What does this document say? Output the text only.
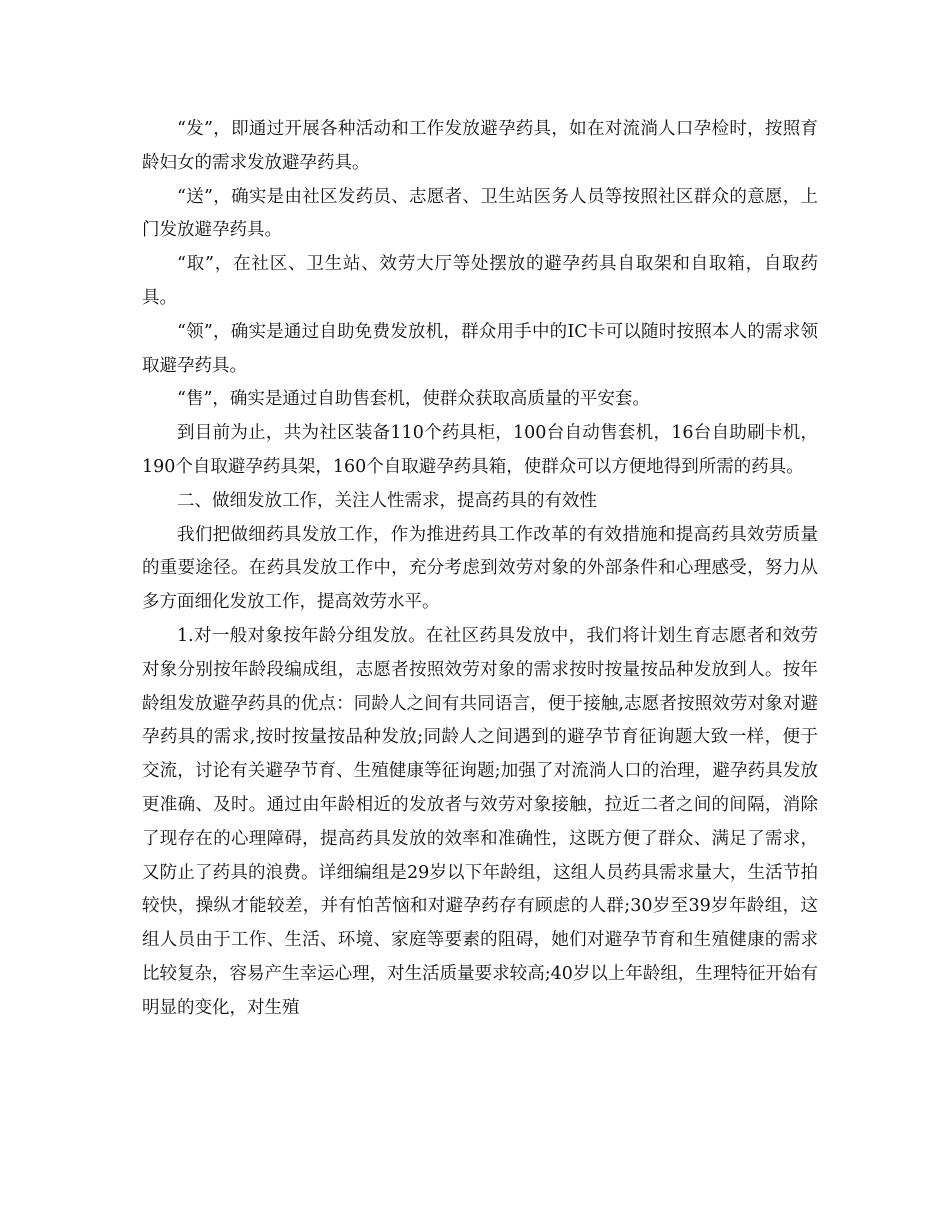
“发”，即通过开展各种活动和工作发放避孕药具，如在对流淌人口孕检时，按照育龄妇女的需求发放避孕药具。

“送”，确实是由社区发药员、志愿者、卫生站医务人员等按照社区群众的意愿，上门发放避孕药具。

“取”，在社区、卫生站、效劳大厅等处摆放的避孕药具自取架和自取箱，自取药具。

“领”，确实是通过自助免费发放机，群众用手中的IC卡可以随时按照本人的需求领取避孕药具。

“售”，确实是通过自助售套机，使群众获取高质量的平安套。

到目前为止，共为社区装备110个药具柜，100台自动售套机，16台自助刷卡机，190个自取避孕药具架，160个自取避孕药具箱，使群众可以方便地得到所需的药具。

二、做细发放工作，关注人性需求，提高药具的有效性

我们把做细药具发放工作，作为推进药具工作改革的有效措施和提高药具效劳质量的重要途径。在药具发放工作中，充分考虑到效劳对象的外部条件和心理感受，努力从多方面细化发放工作，提高效劳水平。

1.对一般对象按年龄分组发放。在社区药具发放中，我们将计划生育志愿者和效劳对象分别按年龄段编成组，志愿者按照效劳对象的需求按时按量按品种发放到人。按年龄组发放避孕药具的优点：同龄人之间有共同语言，便于接触,志愿者按照效劳对象对避孕药具的需求,按时按量按品种发放;同龄人之间遇到的避孕节育征询题大致一样，便于交流，讨论有关避孕节育、生殖健康等征询题;加强了对流淌人口的治理，避孕药具发放更准确、及时。通过由年龄相近的发放者与效劳对象接触，拉近二者之间的间隔，消除了现存在的心理障碍，提高药具发放的效率和准确性，这既方便了群众、满足了需求，又防止了药具的浪费。详细编组是29岁以下年龄组，这组人员药具需求量大，生活节拍较快，操纵才能较差，并有怕苦恼和对避孕药存有顾虑的人群;30岁至39岁年龄组，这组人员由于工作、生活、环境、家庭等要素的阻碍，她们对避孕节育和生殖健康的需求比较复杂，容易产生幸运心理，对生活质量要求较高;40岁以上年龄组，生理特征开始有明显的变化，对生殖
